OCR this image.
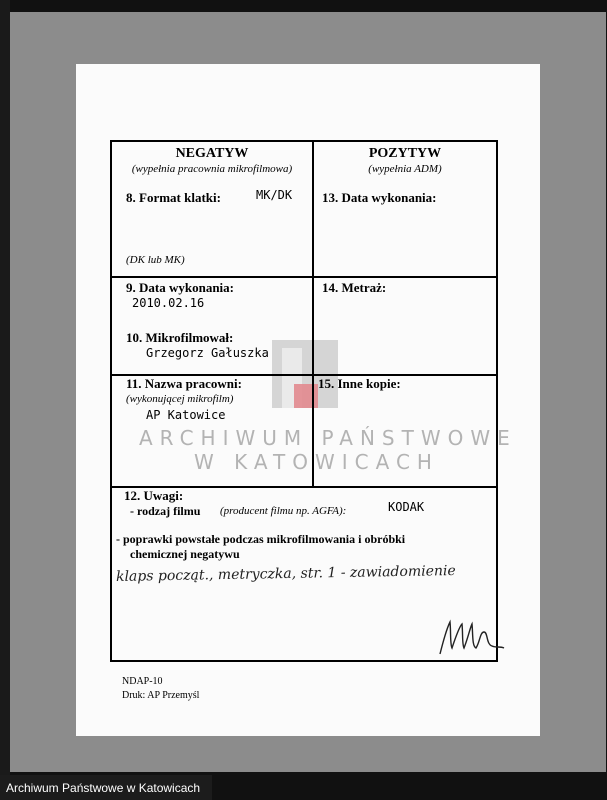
NEGATYW
(wypełnia pracownia mikrofilmowa)
POZYTYW
(wypełnia ADM)
8. Format klatki:	MK/DK
(DK lub MK)
13. Data wykonania:
9. Data wykonania:
2010.02.16
10. Mikrofilmował:
Grzegorz Gałuszka
14. Metraż:
11. Nazwa pracowni:
(wykonującej mikrofilm)
AP Katowice
15. Inne kopie:
12. Uwagi:
- rodzaj filmu (producent filmu np. AGFA):	KODAK
- poprawki powstałe podczas mikrofilmowania i obróbki
chemicznej negatywu
klaps począt., metryczka, str. 1 - zawiadomienie
ARCHIWUM PAŃSTWOWE
W KATOWICACH
NDAP-10
Druk: AP Przemyśl
Archiwum Państwowe w Katowicach
